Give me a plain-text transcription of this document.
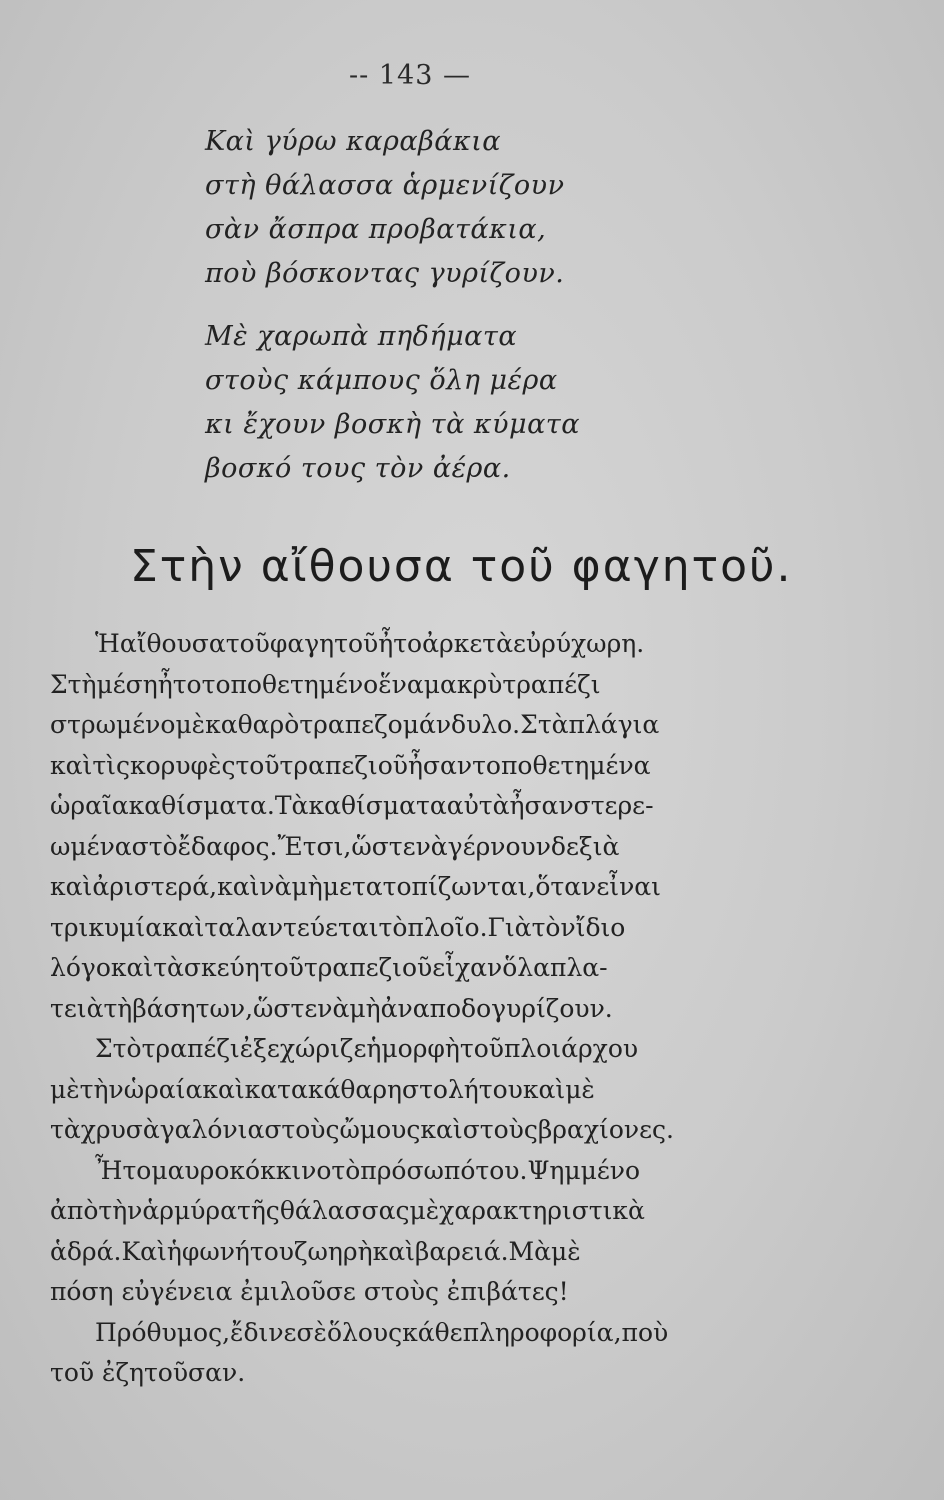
-- 143 —
Καὶ γύρω καραβάκια
στὴ θάλασσα ἁρμενίζουν
σὰν ἄσπρα προβατάκια,
ποὺ βόσκοντας γυρίζουν.
Μὲ χαρωπὰ πηδήματα
στοὺς κάμπους ὅλη μέρα
κι ἔχουν βοσκὴ τὰ κύματα
βοσκό τους τὸν ἀέρα.
Στὴν αἴθουσα τοῦ φαγητοῦ.

Ἡαἴθουσατοῦφαγητοῦἦτοἀρκετὰεὐρύχωρη.
Στὴμέσηἦτοτοποθετημένοἕναμακρὺτραπέζι
στρωμένομὲκαθαρὸτραπεζομάνδυλο.Στὰπλάγια
καὶτὶςκορυφὲςτοῦτραπεζιοῦἦσαντοποθετημένα
ὡραῖακαθίσματα.Τὰκαθίσματααὐτὰἦσανστερε-
ωμέναστὸἔδαφος.Ἔτσι,ὥστενὰγέρνουνδεξιὰ
καὶἀριστερά,καὶνὰμὴμετατοπίζωνται,ὅτανεἶναι
τρικυμίακαὶταλαντεύεταιτὸπλοῖο.Γιὰτὸνἴδιο
λόγοκαὶτὰσκεύητοῦτραπεζιοῦεἶχανὅλαπλα-
τειὰτὴβάσητων,ὥστενὰμὴἀναποδογυρίζουν.

Στὸτραπέζιἐξεχώριζεἡμορφὴτοῦπλοιάρχου
μὲτὴνὡραίακαὶκατακάθαρηστολήτουκαὶμὲ
τὰχρυσὰγαλόνιαστοὺςὤμουςκαὶστοὺςβραχίονες.

Ἦτομαυροκόκκινοτὸπρόσωπότου.Ψημμένο
ἀπὸτὴνἁρμύρατῆςθάλασσαςμὲχαρακτηριστικὰ
ἁδρά.Καὶἡφωνήτουζωηρὴκαὶβαρειά.Μὰμὲ
πόση εὐγένεια ἐμιλοῦσε στοὺς ἐπιβάτες!

Πρόθυμος,ἔδινεσὲὅλουςκάθεπληροφορία,ποὺ
τοῦ ἐζητοῦσαν.
